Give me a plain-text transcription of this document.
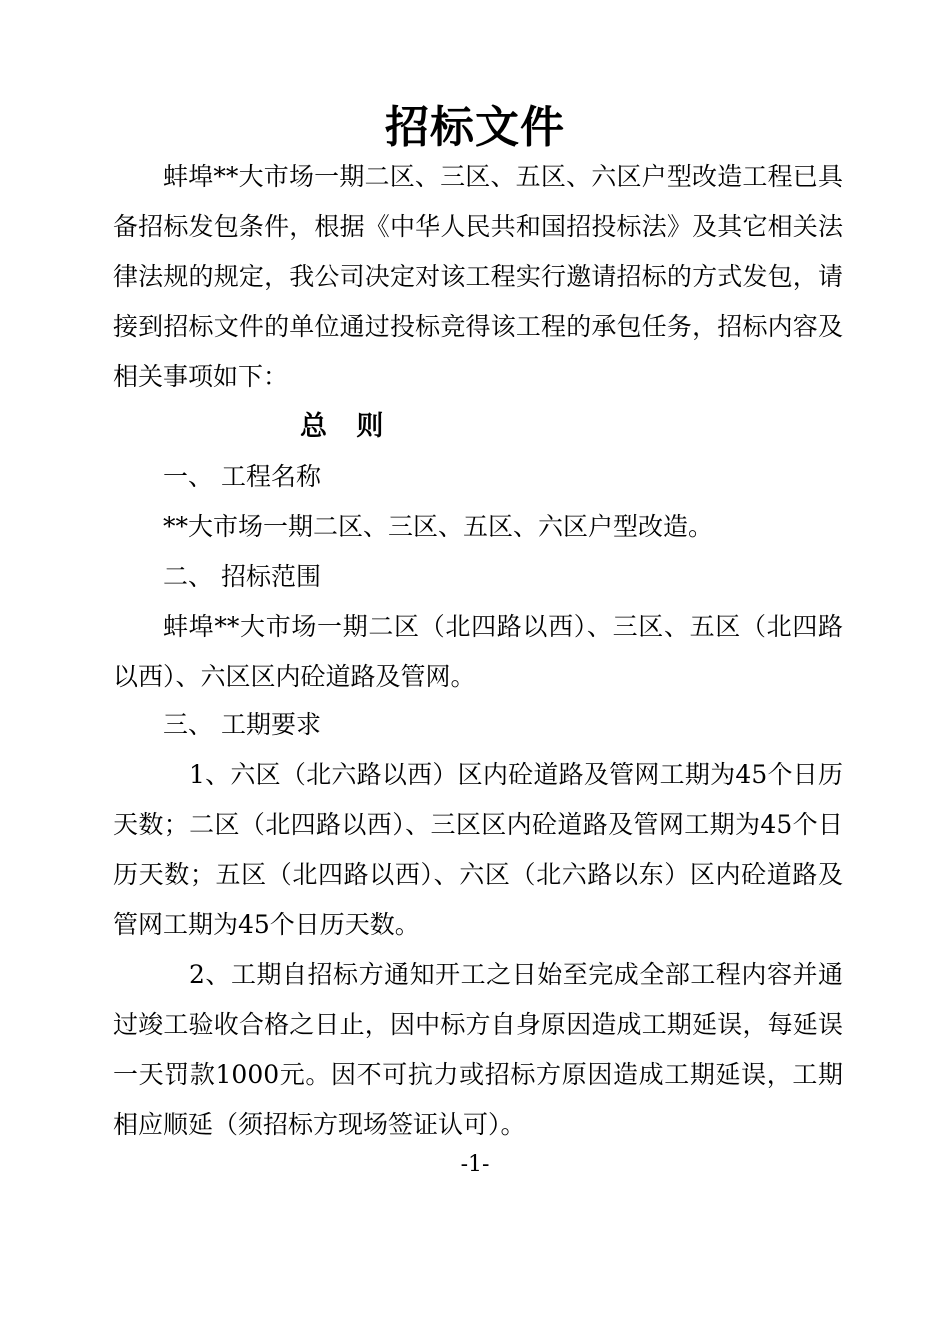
招标文件
蚌埠**大市场一期二区、三区、五区、六区户型改造工程已具备招标发包条件，根据《中华人民共和国招投标法》及其它相关法律法规的规定，我公司决定对该工程实行邀请招标的方式发包，请接到招标文件的单位通过投标竞得该工程的承包任务，招标内容及相关事项如下：
总 则
一、 工程名称
**大市场一期二区、三区、五区、六区户型改造。
二、 招标范围
蚌埠**大市场一期二区（北四路以西）、三区、五区（北四路以西）、六区区内砼道路及管网。
三、 工期要求
1、六区（北六路以西）区内砼道路及管网工期为45个日历天数；二区（北四路以西）、三区区内砼道路及管网工期为45个日历天数；五区（北四路以西）、六区（北六路以东）区内砼道路及管网工期为45个日历天数。
2、工期自招标方通知开工之日始至完成全部工程内容并通过竣工验收合格之日止，因中标方自身原因造成工期延误，每延误一天罚款1000元。因不可抗力或招标方原因造成工期延误，工期相应顺延（须招标方现场签证认可）。
-1-
